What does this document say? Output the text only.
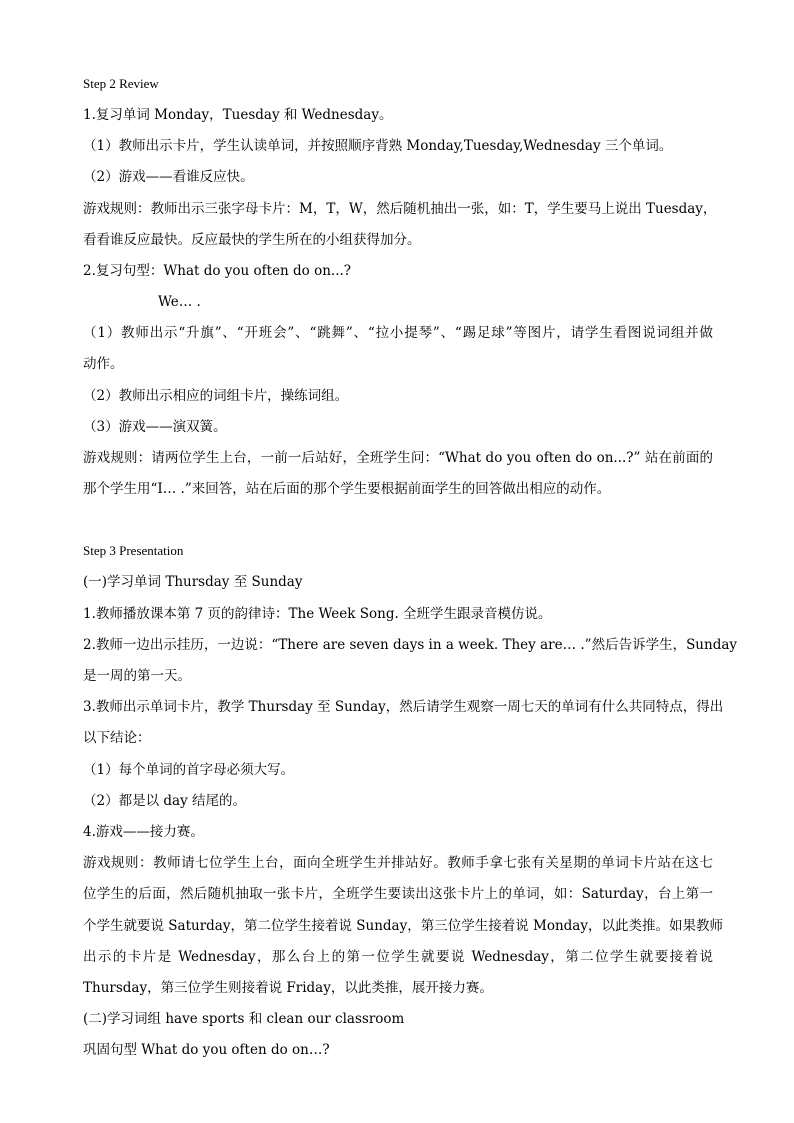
Step 2 Review

1.复习单词 Monday，Tuesday 和 Wednesday。

（1）教师出示卡片，学生认读单词，并按照顺序背熟 Monday,Tuesday,Wednesday 三个单词。

（2）游戏——看谁反应快。

游戏规则：教师出示三张字母卡片：M，T，W，然后随机抽出一张，如：T，学生要马上说出 Tuesday，

看看谁反应最快。反应最快的学生所在的小组获得加分。

2.复习句型：What do you often do on...?

We… .

（1）教师出示“升旗”、“开班会”、“跳舞”、“拉小提琴”、“踢足球”等图片，请学生看图说词组并做

动作。

（2）教师出示相应的词组卡片，操练词组。

（3）游戏——演双簧。

游戏规则：请两位学生上台，一前一后站好，全班学生问：“What do you often do on...?” 站在前面的

那个学生用“I… .”来回答，站在后面的那个学生要根据前面学生的回答做出相应的动作。

Step 3 Presentation

(一)学习单词 Thursday 至 Sunday

1.教师播放课本第 7 页的韵律诗：The Week Song. 全班学生跟录音模仿说。

2.教师一边出示挂历，一边说：“There are seven days in a week. They are… .”然后告诉学生，Sunday

是一周的第一天。

3.教师出示单词卡片，教学 Thursday 至 Sunday，然后请学生观察一周七天的单词有什么共同特点，得出

以下结论：

（1）每个单词的首字母必须大写。

（2）都是以 day 结尾的。

4.游戏——接力赛。

游戏规则：教师请七位学生上台，面向全班学生并排站好。教师手拿七张有关星期的单词卡片站在这七

位学生的后面，然后随机抽取一张卡片，全班学生要读出这张卡片上的单词，如：Saturday，台上第一

个学生就要说 Saturday，第二位学生接着说 Sunday，第三位学生接着说 Monday，以此类推。如果教师

出示的卡片是 Wednesday，那么台上的第一位学生就要说 Wednesday，第二位学生就要接着说

Thursday，第三位学生则接着说 Friday，以此类推，展开接力赛。

(二)学习词组 have sports 和 clean our classroom

巩固句型 What do you often do on…?
